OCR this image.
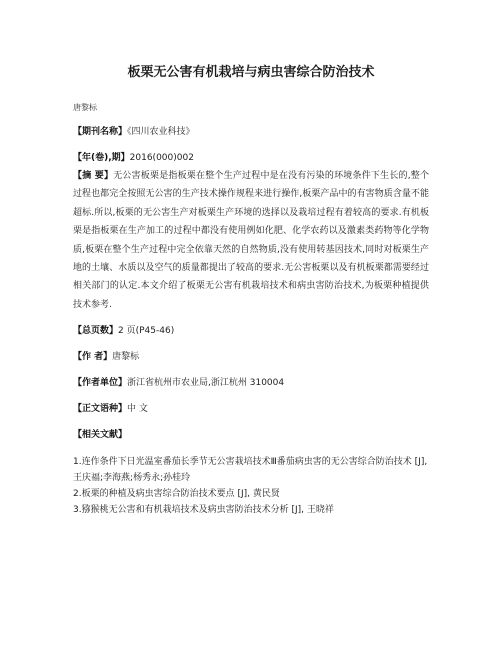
板栗无公害有机栽培与病虫害综合防治技术
唐黎标

【期刊名称】《四川农业科技》

【年(卷),期】2016(000)002

【摘 要】无公害板栗是指板栗在整个生产过程中是在没有污染的环境条件下生长的,整个过程也都完全按照无公害的生产技术操作规程来进行操作,板栗产品中的有害物质含量不能超标.所以,板栗的无公害生产对板栗生产环境的选择以及栽培过程有着较高的要求.有机板栗是指板栗在生产加工的过程中都没有使用例如化肥、化学农药以及激素类药物等化学物质,板栗在整个生产过程中完全依靠天然的自然物质,没有使用转基因技术,同时对板栗生产地的土壤、水质以及空气的质量都提出了较高的要求.无公害板栗以及有机板栗都需要经过相关部门的认定.本文介绍了板栗无公害有机栽培技术和病虫害防治技术,为板栗种植提供技术参考.

【总页数】2 页(P45-46)

【作 者】唐黎标

【作者单位】浙江省杭州市农业局,浙江杭州 310004

【正文语种】中 文

【相关文献】

1.连作条件下日光温室番茄长季节无公害栽培技术Ⅲ番茄病虫害的无公害综合防治技术 [J], 王庆福;李海燕;杨秀永;孙桂玲

2.板栗的种植及病虫害综合防治技术要点 [J], 黄民贤

3.猕猴桃无公害和有机栽培技术及病虫害防治技术分析 [J], 王晓祥
